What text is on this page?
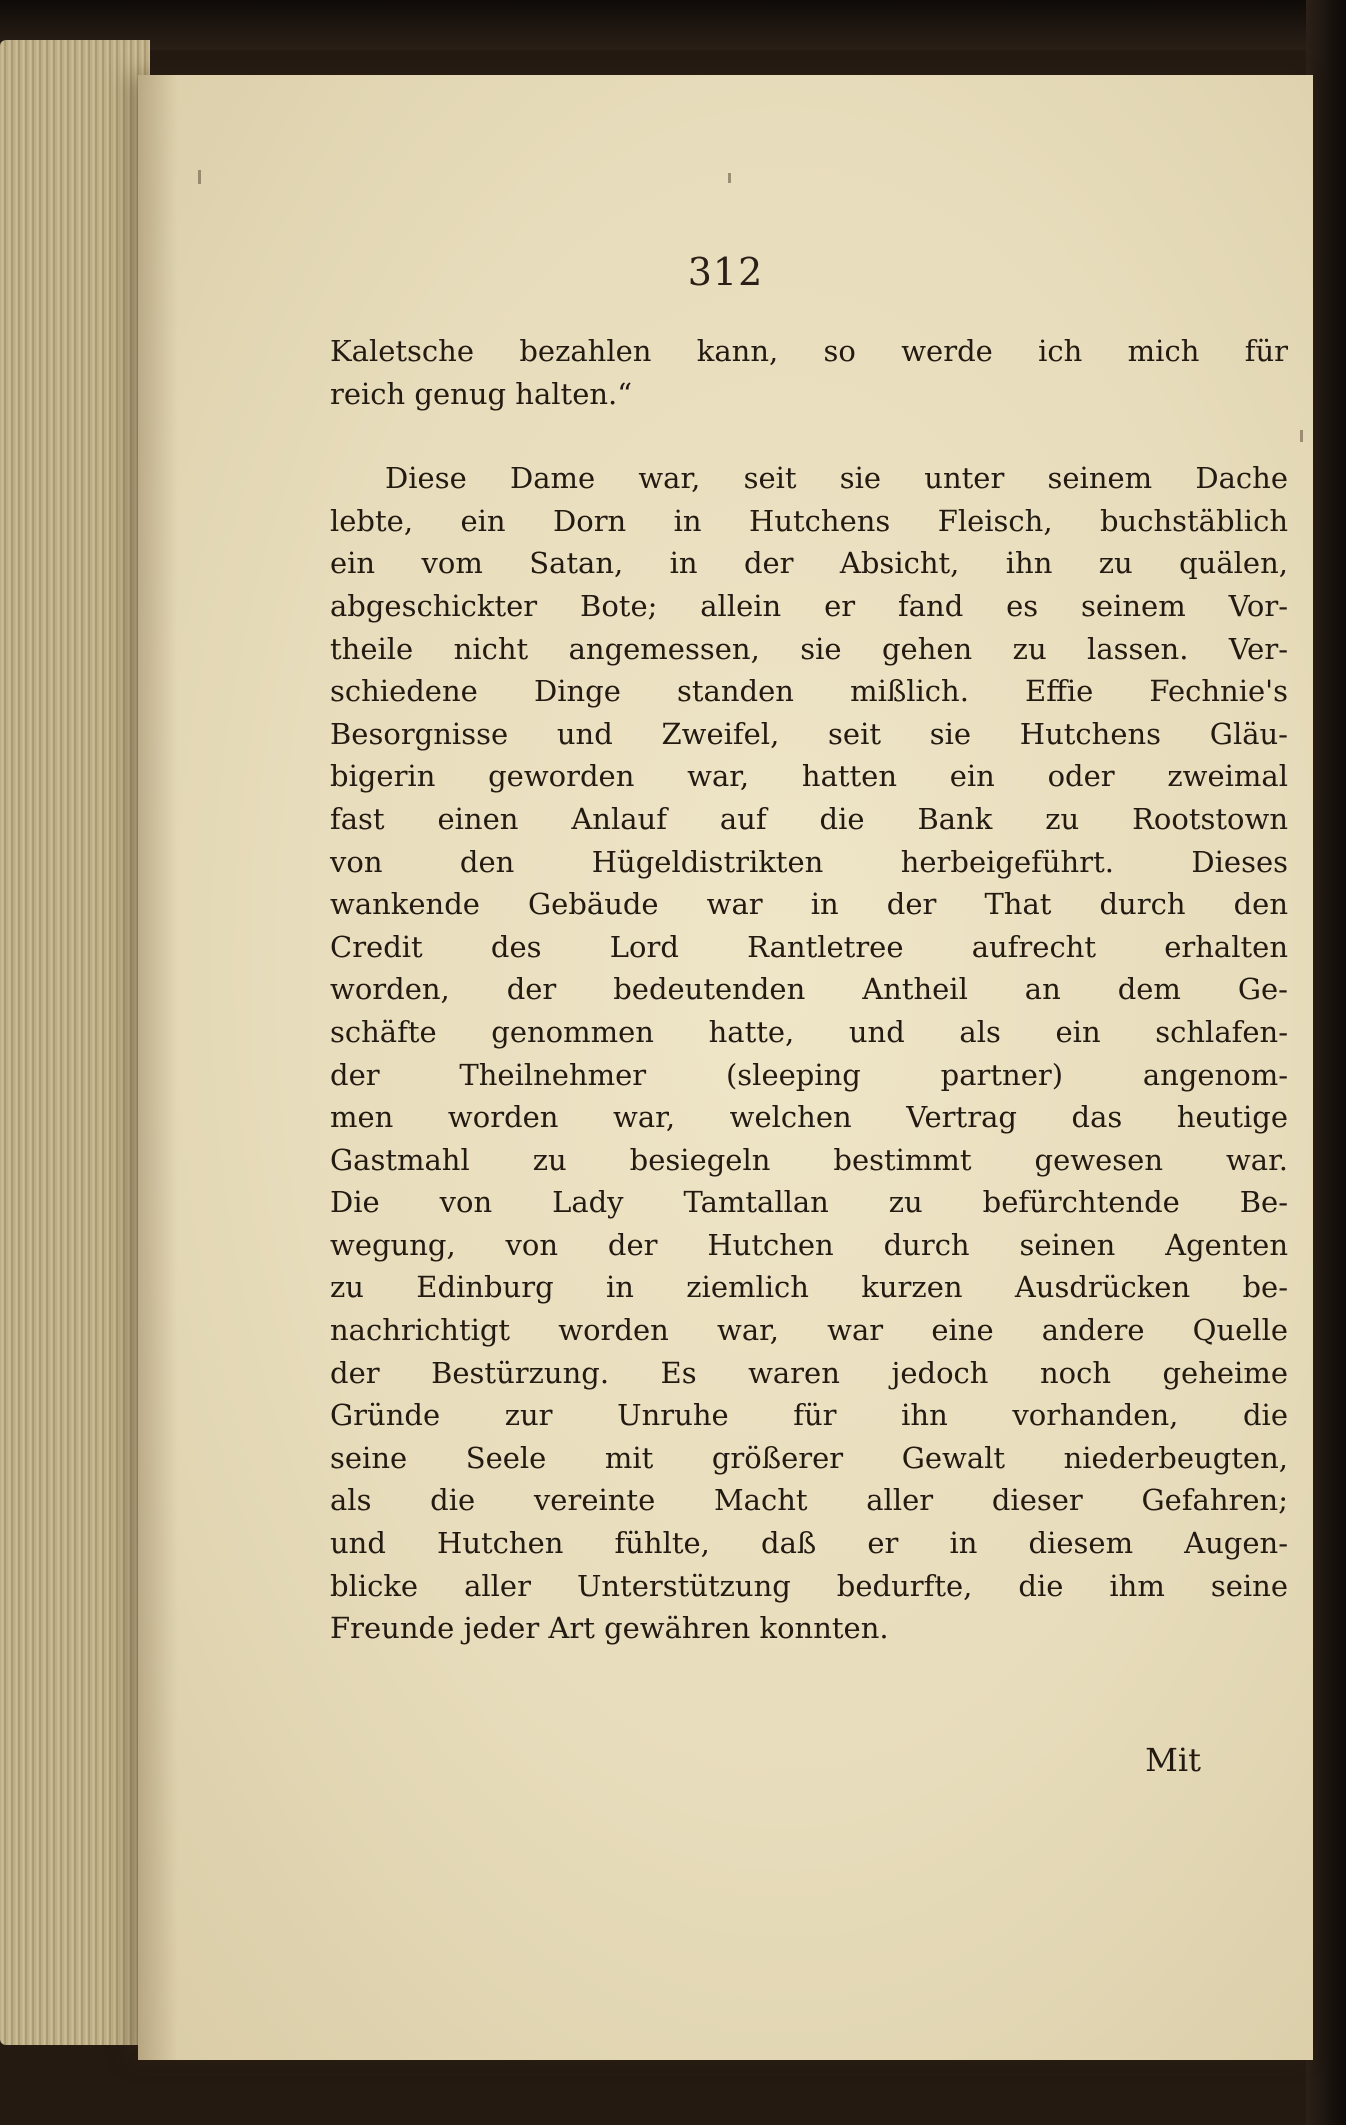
312
Kaletsche bezahlen kann, so werde ich mich für
reich genug halten.“
Diese Dame war, seit sie unter seinem Dache
lebte, ein Dorn in Hutchens Fleisch, buchstäblich
ein vom Satan, in der Absicht, ihn zu quälen,
abgeschickter Bote; allein er fand es seinem Vor-
theile nicht angemessen, sie gehen zu lassen. Ver-
schiedene Dinge standen mißlich. Effie Fechnie's
Besorgnisse und Zweifel, seit sie Hutchens Gläu-
bigerin geworden war, hatten ein oder zweimal
fast einen Anlauf auf die Bank zu Rootstown
von den Hügeldistrikten herbeigeführt. Dieses
wankende Gebäude war in der That durch den
Credit des Lord Rantletree aufrecht erhalten
worden, der bedeutenden Antheil an dem Ge-
schäfte genommen hatte, und als ein schlafen-
der Theilnehmer (sleeping partner) angenom-
men worden war, welchen Vertrag das heutige
Gastmahl zu besiegeln bestimmt gewesen war.
Die von Lady Tamtallan zu befürchtende Be-
wegung, von der Hutchen durch seinen Agenten
zu Edinburg in ziemlich kurzen Ausdrücken be-
nachrichtigt worden war, war eine andere Quelle
der Bestürzung. Es waren jedoch noch geheime
Gründe zur Unruhe für ihn vorhanden, die
seine Seele mit größerer Gewalt niederbeugten,
als die vereinte Macht aller dieser Gefahren;
und Hutchen fühlte, daß er in diesem Augen-
blicke aller Unterstützung bedurfte, die ihm seine
Freunde jeder Art gewähren konnten.
Mit
